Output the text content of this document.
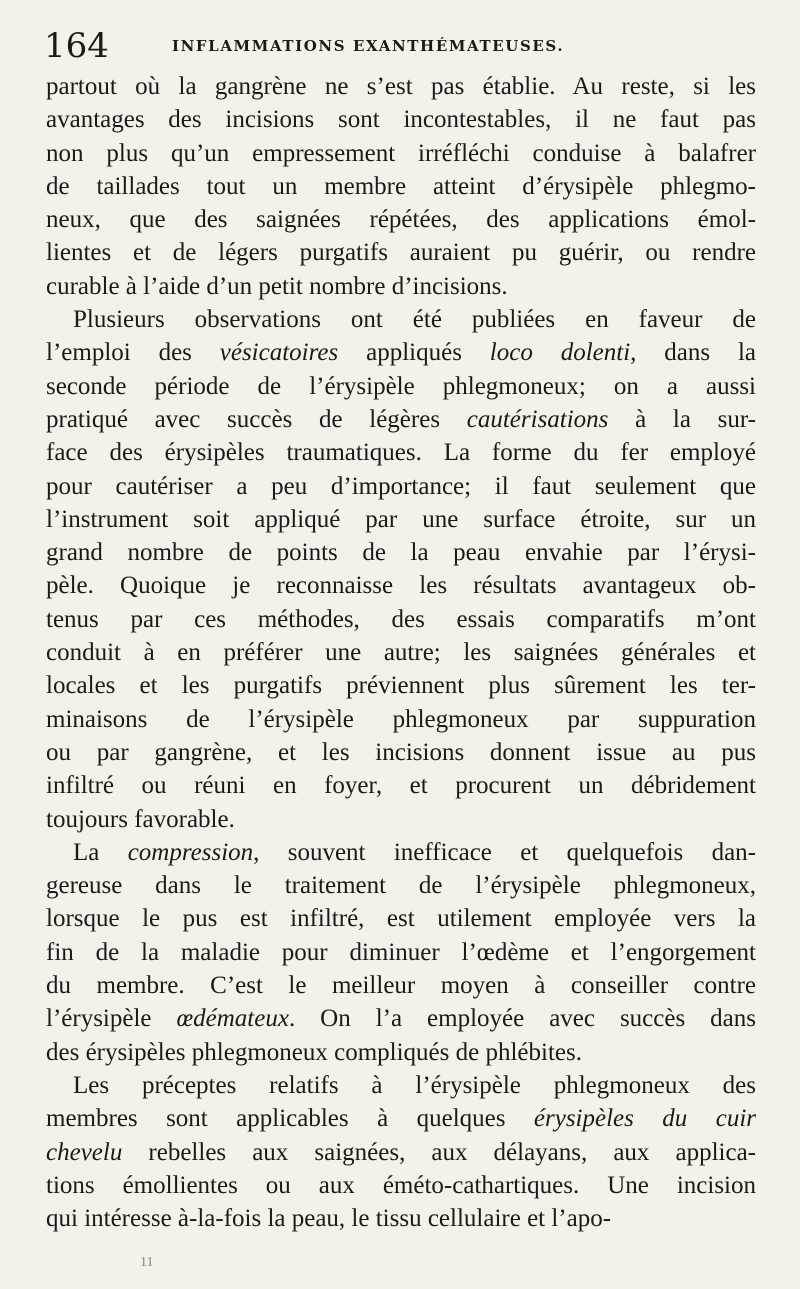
164	INFLAMMATIONS EXANTHÉMATEUSES.
partout où la gangrène ne s’est pas établie. Au reste, si les
avantages des incisions sont incontestables, il ne faut pas
non plus qu’un empressement irréfléchi conduise à balafrer
de taillades tout un membre atteint d’érysipèle phlegmo-
neux, que des saignées répétées, des applications émol-
lientes et de légers purgatifs auraient pu guérir, ou rendre
curable à l’aide d’un petit nombre d’incisions.
Plusieurs observations ont été publiées en faveur de
l’emploi des vésicatoires appliqués loco dolenti, dans la
seconde période de l’érysipèle phlegmoneux; on a aussi
pratiqué avec succès de légères cautérisations à la sur-
face des érysipèles traumatiques. La forme du fer employé
pour cautériser a peu d’importance; il faut seulement que
l’instrument soit appliqué par une surface étroite, sur un
grand nombre de points de la peau envahie par l’érysi-
pèle. Quoique je reconnaisse les résultats avantageux ob-
tenus par ces méthodes, des essais comparatifs m’ont
conduit à en préférer une autre; les saignées générales et
locales et les purgatifs préviennent plus sûrement les ter-
minaisons de l’érysipèle phlegmoneux par suppuration
ou par gangrène, et les incisions donnent issue au pus
infiltré ou réuni en foyer, et procurent un débridement
toujours favorable.
La compression, souvent inefficace et quelquefois dan-
gereuse dans le traitement de l’érysipèle phlegmoneux,
lorsque le pus est infiltré, est utilement employée vers la
fin de la maladie pour diminuer l’œdème et l’engorgement
du membre. C’est le meilleur moyen à conseiller contre
l’érysipèle œdémateux. On l’a employée avec succès dans
des érysipèles phlegmoneux compliqués de phlébites.
Les préceptes relatifs à l’érysipèle phlegmoneux des
membres sont applicables à quelques érysipèles du cuir
chevelu rebelles aux saignées, aux délayans, aux applica-
tions émollientes ou aux éméto-cathartiques. Une incision
qui intéresse à-la-fois la peau, le tissu cellulaire et l’apo-
11
